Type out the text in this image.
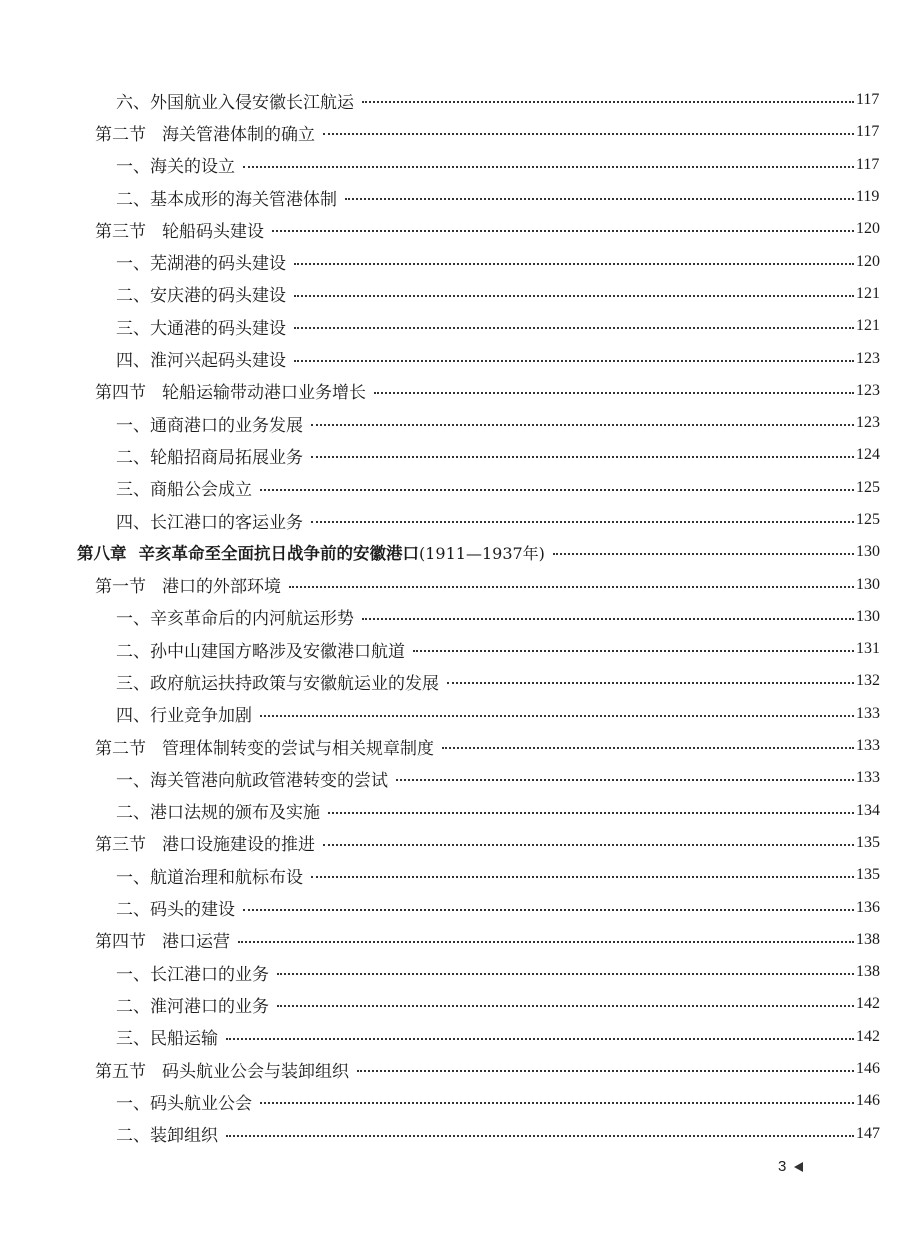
六、外国航业入侵安徽长江航运	117
第二节 海关管港体制的确立	117
一、海关的设立	117
二、基本成形的海关管港体制	119
第三节 轮船码头建设	120
一、芜湖港的码头建设	120
二、安庆港的码头建设	121
三、大通港的码头建设	121
四、淮河兴起码头建设	123
第四节 轮船运输带动港口业务增长	123
一、通商港口的业务发展	123
二、轮船招商局拓展业务	124
三、商船公会成立	125
四、长江港口的客运业务	125
第八章 辛亥革命至全面抗日战争前的安徽港口(1911—1937年)	130
第一节 港口的外部环境	130
一、辛亥革命后的内河航运形势	130
二、孙中山建国方略涉及安徽港口航道	131
三、政府航运扶持政策与安徽航运业的发展	132
四、行业竞争加剧	133
第二节 管理体制转变的尝试与相关规章制度	133
一、海关管港向航政管港转变的尝试	133
二、港口法规的颁布及实施	134
第三节 港口设施建设的推进	135
一、航道治理和航标布设	135
二、码头的建设	136
第四节 港口运营	138
一、长江港口的业务	138
二、淮河港口的业务	142
三、民船运输	142
第五节 码头航业公会与装卸组织	146
一、码头航业公会	146
二、装卸组织	147
3
